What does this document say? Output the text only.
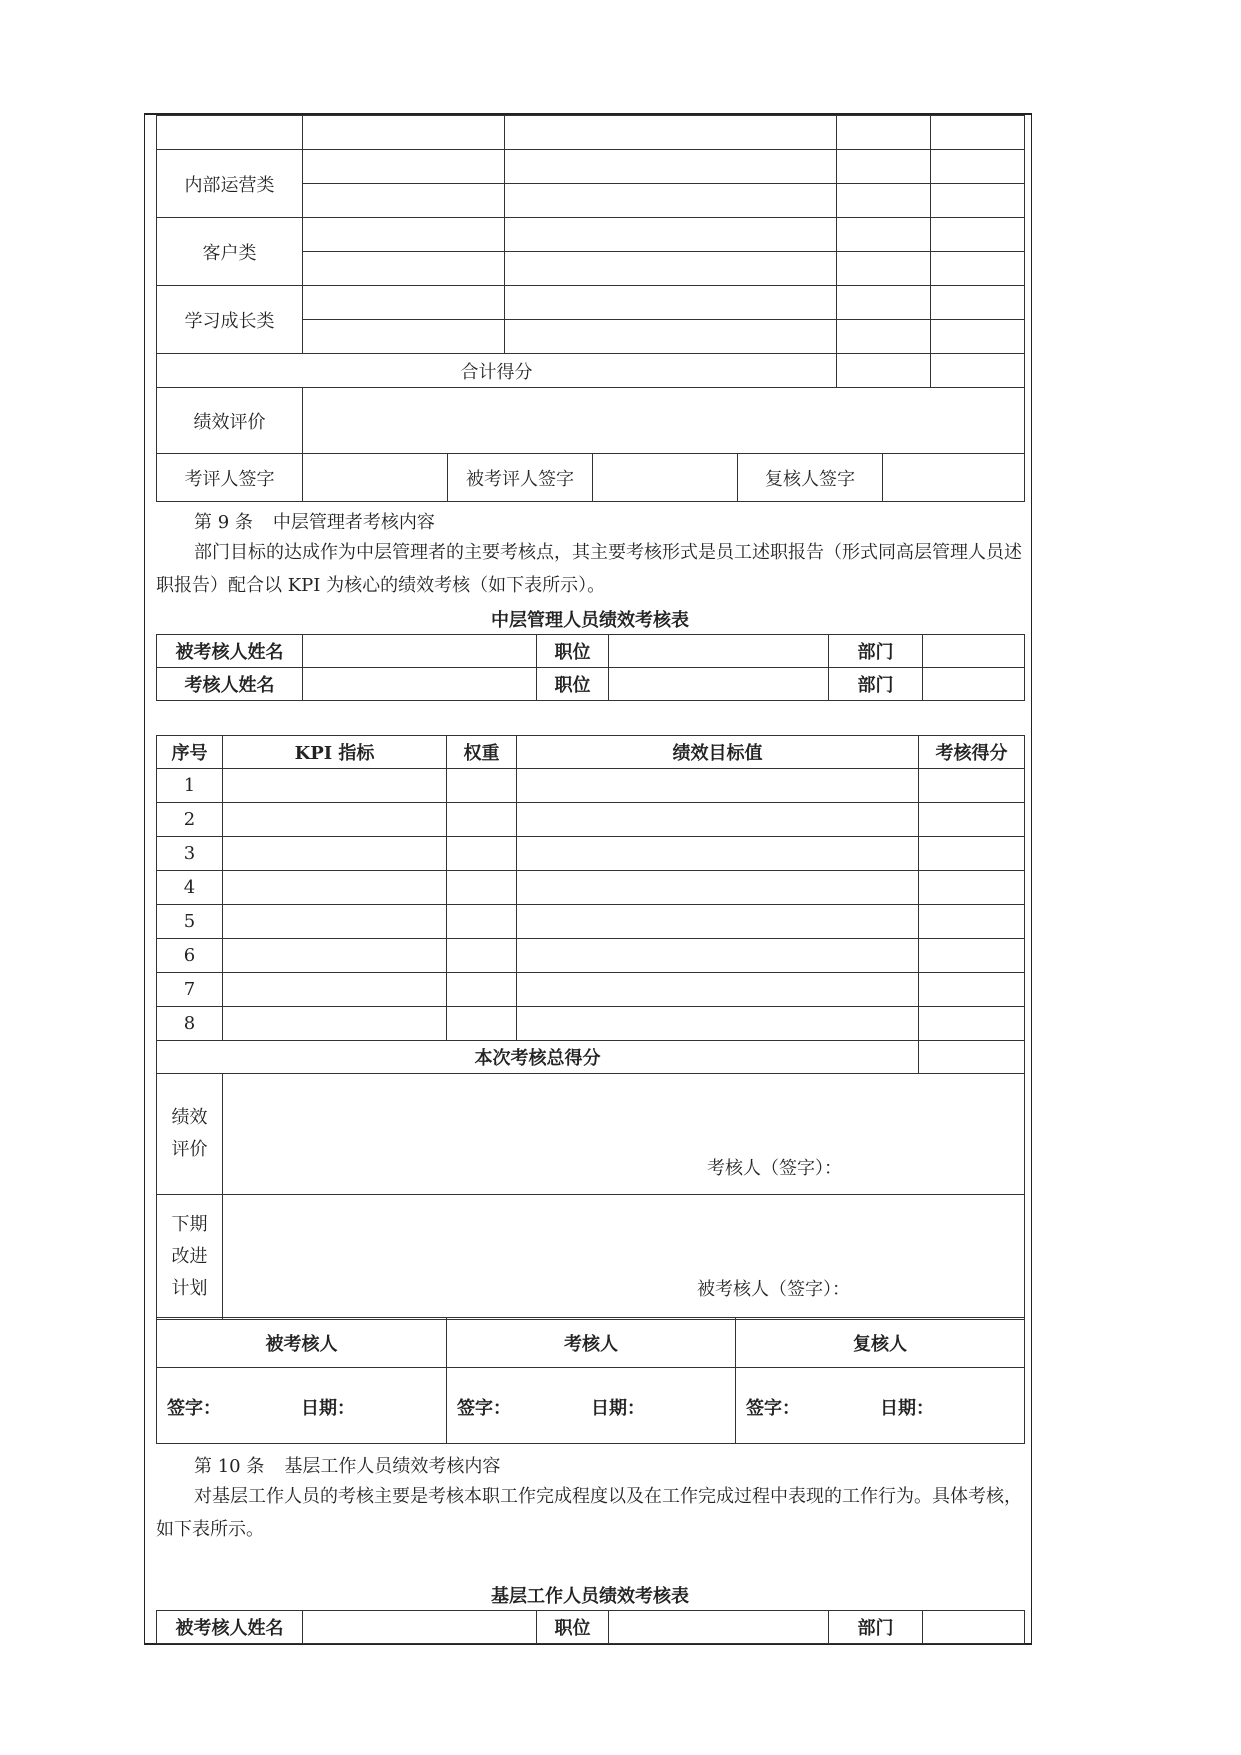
内部运营类				

客户类				

学习成长类				

合计得分				
绩效评价					
考评人签字		被考评人签字		复核人签字	
第 9 条 中层管理者考核内容
部门目标的达成作为中层管理者的主要考核点，其主要考核形式是员工述职报告（形式同高层管理人员述职报告）配合以 KPI 为核心的绩效考核（如下表所示）。
中层管理人员绩效考核表
被考核人姓名		职位		部门	
考核人姓名		职位		部门	
序号	KPI 指标	权重	绩效目标值	考核得分
1				
2				
3				
4				
5				
6				
7				
8				
本次考核总得分				
绩效
评价	考核人（签字）：

下期
改进
计划	被考核人（签字）：
被考核人	考核人	复核人

签字： 日期：	签字： 日期：	签字： 日期：
第 10 条 基层工作人员绩效考核内容
对基层工作人员的考核主要是考核本职工作完成程度以及在工作完成过程中表现的工作行为。具体考核，如下表所示。
基层工作人员绩效考核表
被考核人姓名		职位		部门	
